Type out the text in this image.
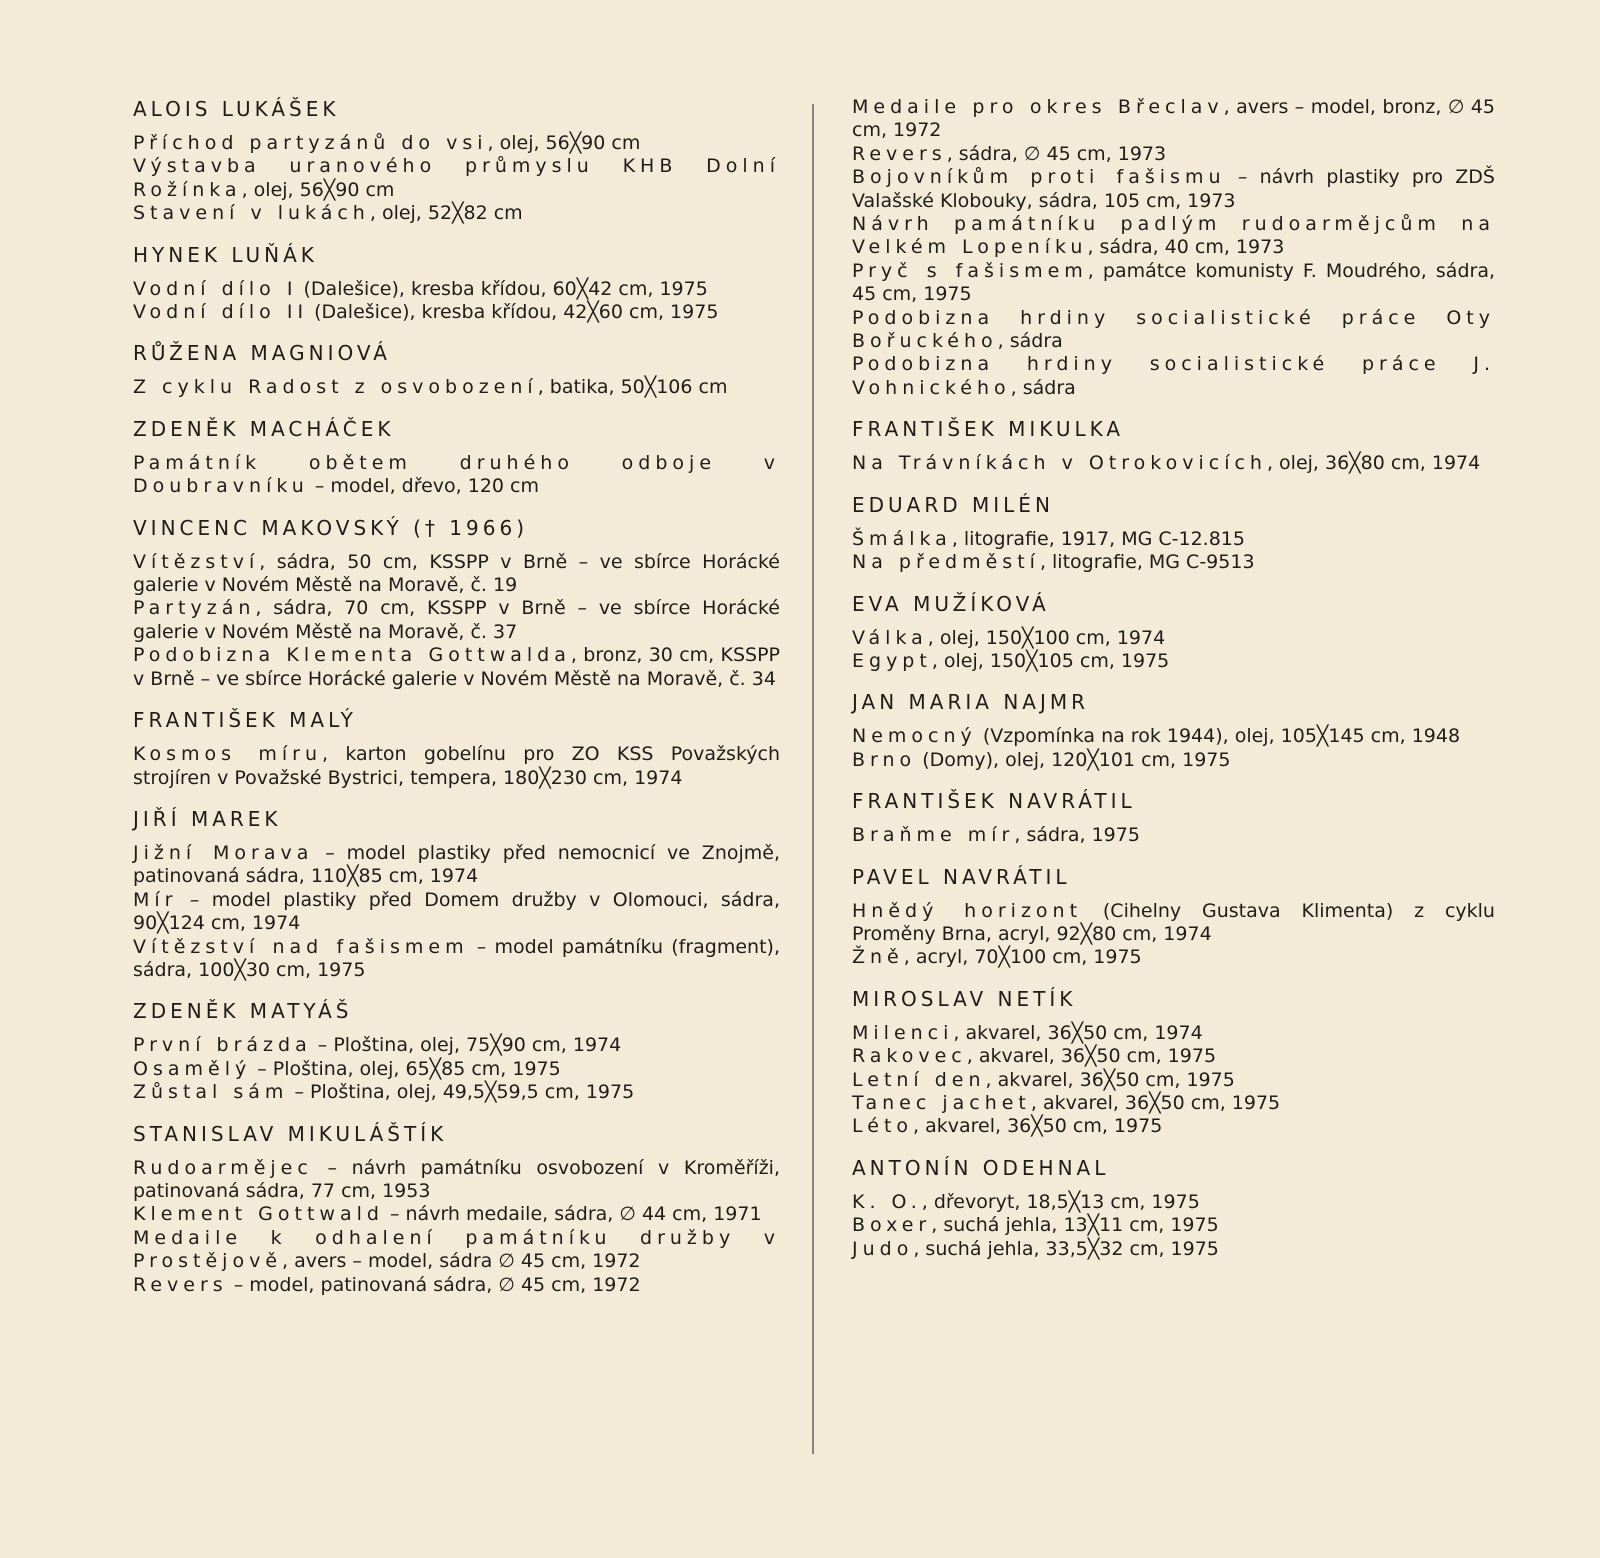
ALOIS LUKÁŠEK

Příchod partyzánů do vsi, olej, 56╳90 cm

Výstavba uranového průmyslu KHB Dolní Rožínka, olej, 56╳90 cm

Stavení v lukách, olej, 52╳82 cm

HYNEK LUŇÁK

Vodní dílo I (Dalešice), kresba křídou, 60╳42 cm, 1975

Vodní dílo II (Dalešice), kresba křídou, 42╳60 cm, 1975

RŮŽENA MAGNIOVÁ

Z cyklu Radost z osvobození, batika, 50╳106 cm

ZDENĚK MACHÁČEK

Památník obětem druhého odboje v Doubravníku – model, dřevo, 120 cm

VINCENC MAKOVSKÝ († 1966)

Vítězství, sádra, 50 cm, KSSPP v Brně – ve sbírce Horácké galerie v Novém Městě na Moravě, č. 19

Partyzán, sádra, 70 cm, KSSPP v Brně – ve sbírce Horácké galerie v Novém Městě na Moravě, č. 37

Podobizna Klementa Gottwalda, bronz, 30 cm, KSSPP v Brně – ve sbírce Horácké galerie v Novém Městě na Moravě, č. 34

FRANTIŠEK MALÝ

Kosmos míru, karton gobelínu pro ZO KSS Považských strojíren v Považské Bystrici, tempera, 180╳230 cm, 1974

JIŘÍ MAREK

Jižní Morava – model plastiky před nemocnicí ve Znojmě, patinovaná sádra, 110╳85 cm, 1974

Mír – model plastiky před Domem družby v Olomouci, sádra, 90╳124 cm, 1974

Vítězství nad fašismem – model památníku (fragment), sádra, 100╳30 cm, 1975

ZDENĚK MATYÁŠ

První brázda – Ploština, olej, 75╳90 cm, 1974

Osamělý – Ploština, olej, 65╳85 cm, 1975

Zůstal sám – Ploština, olej, 49,5╳59,5 cm, 1975

STANISLAV MIKULÁŠTÍK

Rudoarmějec – návrh památníku osvobození v Kroměříži, patinovaná sádra, 77 cm, 1953

Klement Gottwald – návrh medaile, sádra, ∅ 44 cm, 1971

Medaile k odhalení památníku družby v Prostějově, avers – model, sádra ∅ 45 cm, 1972

Revers – model, patinovaná sádra, ∅ 45 cm, 1972

Medaile pro okres Břeclav, avers – model, bronz, ∅ 45 cm, 1972

Revers, sádra, ∅ 45 cm, 1973

Bojovníkům proti fašismu – návrh plastiky pro ZDŠ Valašské Klobouky, sádra, 105 cm, 1973

Návrh památníku padlým rudoarmějcům na Velkém Lopeníku, sádra, 40 cm, 1973

Pryč s fašismem, památce komunisty F. Moudrého, sádra, 45 cm, 1975

Podobizna hrdiny socialistické práce Oty Bořuckého, sádra

Podobizna hrdiny socialistické práce J. Vohnického, sádra

FRANTIŠEK MIKULKA

Na Trávníkách v Otrokovicích, olej, 36╳80 cm, 1974

EDUARD MILÉN

Šmálka, litografie, 1917, MG C-12.815

Na předměstí, litografie, MG C-9513

EVA MUŽÍKOVÁ

Válka, olej, 150╳100 cm, 1974

Egypt, olej, 150╳105 cm, 1975

JAN MARIA NAJMR

Nemocný (Vzpomínka na rok 1944), olej, 105╳145 cm, 1948

Brno (Domy), olej, 120╳101 cm, 1975

FRANTIŠEK NAVRÁTIL

Braňme mír, sádra, 1975

PAVEL NAVRÁTIL

Hnědý horizont (Cihelny Gustava Klimenta) z cyklu Proměny Brna, acryl, 92╳80 cm, 1974

Žně, acryl, 70╳100 cm, 1975

MIROSLAV NETÍK

Milenci, akvarel, 36╳50 cm, 1974

Rakovec, akvarel, 36╳50 cm, 1975

Letní den, akvarel, 36╳50 cm, 1975

Tanec jachet, akvarel, 36╳50 cm, 1975

Léto, akvarel, 36╳50 cm, 1975

ANTONÍN ODEHNAL

K. O., dřevoryt, 18,5╳13 cm, 1975

Boxer, suchá jehla, 13╳11 cm, 1975

Judo, suchá jehla, 33,5╳32 cm, 1975
